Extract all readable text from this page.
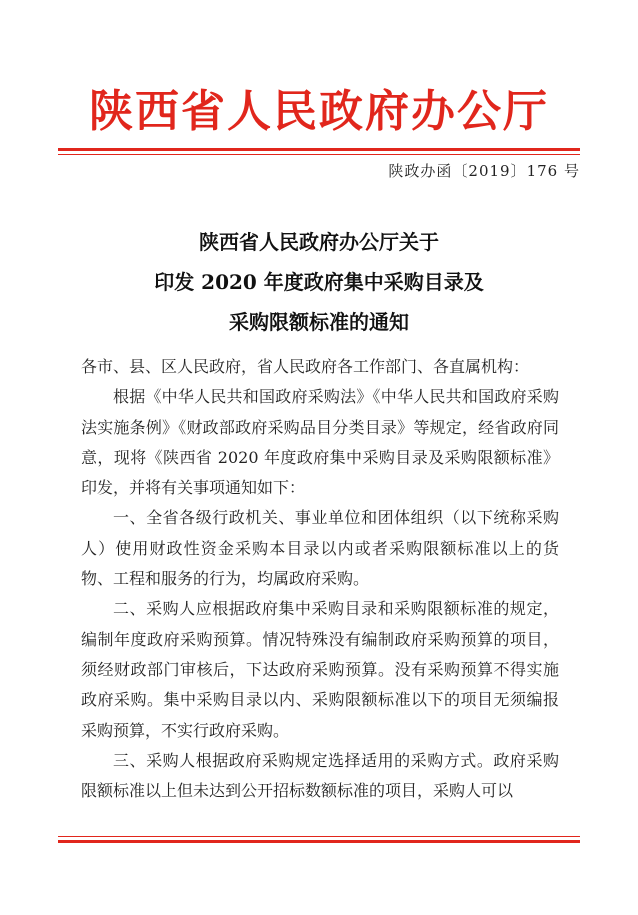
陕西省人民政府办公厅
陕政办函〔2019〕176 号
陕西省人民政府办公厅关于
印发 2020 年度政府集中采购目录及
采购限额标准的通知

各市、县、区人民政府，省人民政府各工作部门、各直属机构：

根据《中华人民共和国政府采购法》《中华人民共和国政府采购法实施条例》《财政部政府采购品目分类目录》等规定，经省政府同意，现将《陕西省 2020 年度政府集中采购目录及采购限额标准》印发，并将有关事项通知如下：

一、全省各级行政机关、事业单位和团体组织（以下统称采购人）使用财政性资金采购本目录以内或者采购限额标准以上的货物、工程和服务的行为，均属政府采购。

二、采购人应根据政府集中采购目录和采购限额标准的规定，编制年度政府采购预算。情况特殊没有编制政府采购预算的项目，须经财政部门审核后，下达政府采购预算。没有采购预算不得实施政府采购。集中采购目录以内、采购限额标准以下的项目无须编报采购预算，不实行政府采购。

三、采购人根据政府采购规定选择适用的采购方式。政府采购限额标准以上但未达到公开招标数额标准的项目，采购人可以
